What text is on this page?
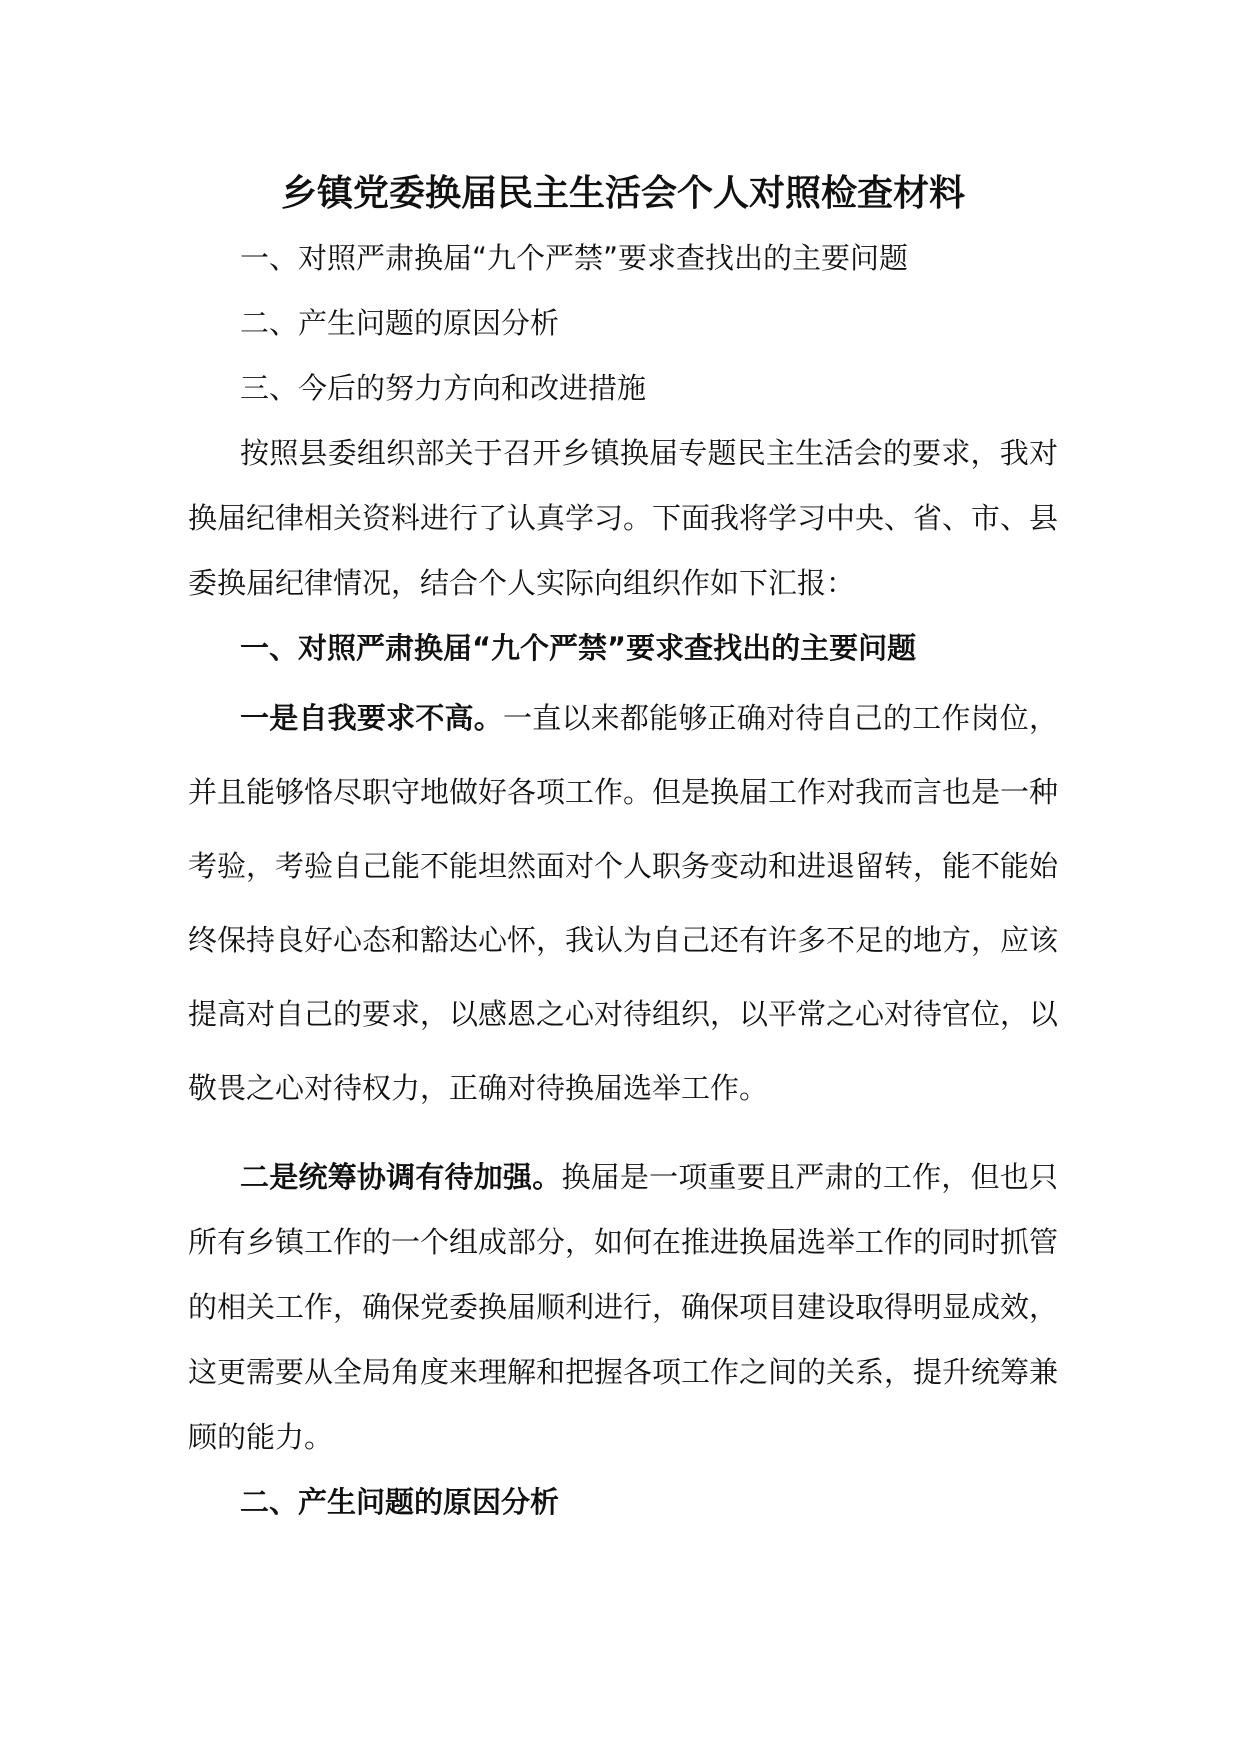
乡镇党委换届民主生活会个人对照检查材料

一、对照严肃换届“九个严禁”要求查找出的主要问题

二、产生问题的原因分析

三、今后的努力方向和改进措施

按照县委组织部关于召开乡镇换届专题民主生活会的要求，我对换届纪律相关资料进行了认真学习。下面我将学习中央、省、市、县委换届纪律情况，结合个人实际向组织作如下汇报：

一、对照严肃换届“九个严禁”要求查找出的主要问题

一是自我要求不高。一直以来都能够正确对待自己的工作岗位，并且能够恪尽职守地做好各项工作。但是换届工作对我而言也是一种考验，考验自己能不能坦然面对个人职务变动和进退留转，能不能始终保持良好心态和豁达心怀，我认为自己还有许多不足的地方，应该提高对自己的要求，以感恩之心对待组织，以平常之心对待官位，以敬畏之心对待权力，正确对待换届选举工作。

二是统筹协调有待加强。换届是一项重要且严肃的工作，但也只所有乡镇工作的一个组成部分，如何在推进换届选举工作的同时抓管的相关工作，确保党委换届顺利进行，确保项目建设取得明显成效，这更需要从全局角度来理解和把握各项工作之间的关系，提升统筹兼顾的能力。

二、产生问题的原因分析
